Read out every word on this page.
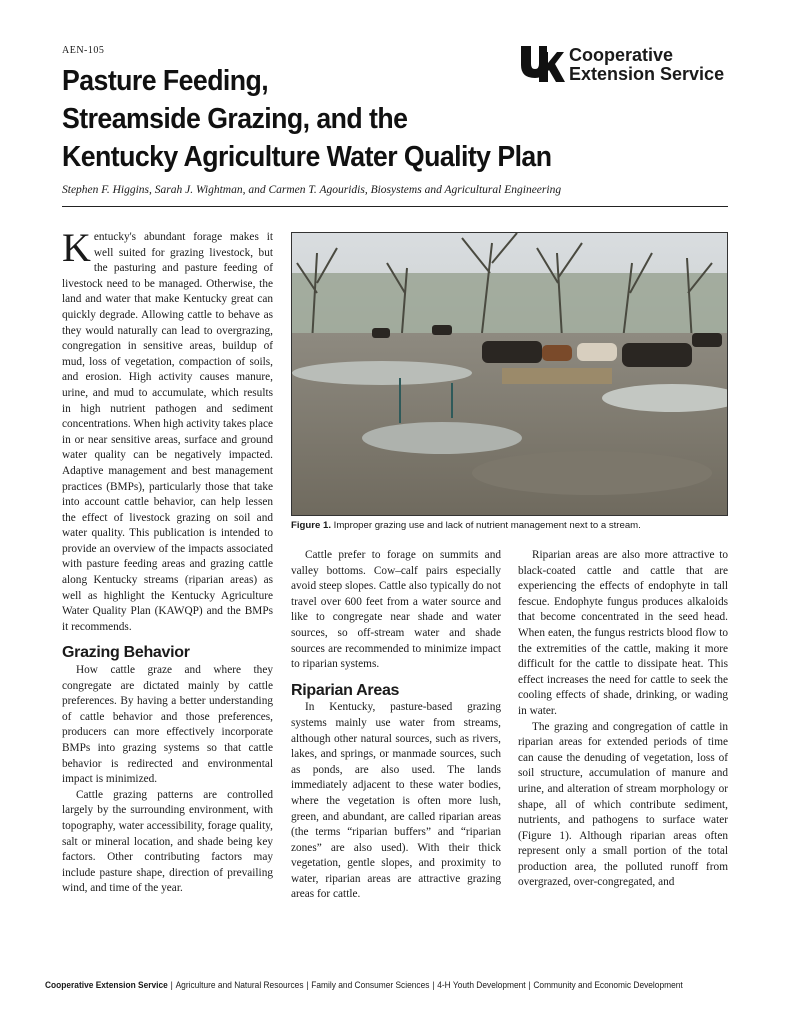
AEN-105	Cooperative
Extension Service
Pasture Feeding,
Streamside Grazing, and the
Kentucky Agriculture Water Quality Plan
Stephen F. Higgins, Sarah J. Wightman, and Carmen T. Agouridis, Biosystems and Agricultural Engineering
Figure 1. Improper grazing use and lack of nutrient management next to a stream.

Kentucky's abundant forage makes it well suited for grazing livestock, but the pasturing and pasture feeding of livestock need to be managed. Otherwise, the land and water that make Kentucky great can quickly degrade. Allowing cattle to behave as they would naturally can lead to overgrazing, congregation in sensitive areas, buildup of mud, loss of vegetation, compaction of soils, and erosion. High activity causes manure, urine, and mud to accumulate, which results in high nutrient pathogen and sediment concentrations. When high activity takes place in or near sensitive areas, surface and ground water quality can be negatively impacted. Adaptive management and best management practices (BMPs), particularly those that take into account cattle behavior, can help lessen the effect of livestock grazing on soil and water quality. This publication is intended to provide an overview of the impacts associated with pasture feeding areas and grazing cattle along Kentucky streams (riparian areas) as well as highlight the Kentucky Agriculture Water Quality Plan (KAWQP) and the BMPs it recommends.

Grazing Behavior

How cattle graze and where they congregate are dictated mainly by cattle preferences. By having a better understanding of cattle behavior and those preferences, producers can more effectively incorporate BMPs into grazing systems so that cattle behavior is redirected and environmental impact is minimized.

Cattle grazing patterns are controlled largely by the surrounding environment, with topography, water accessibility, forage quality, salt or mineral location, and shade being key factors. Other contributing factors may include pasture shape, direction of prevailing wind, and time of the year.

Cattle prefer to forage on summits and valley bottoms. Cow–calf pairs especially avoid steep slopes. Cattle also typically do not travel over 600 feet from a water source and like to congregate near shade and water sources, so off-stream water and shade sources are recommended to minimize impact to riparian systems.

Riparian Areas

In Kentucky, pasture-based grazing systems mainly use water from streams, although other natural sources, such as rivers, lakes, and springs, or manmade sources, such as ponds, are also used. The lands immediately adjacent to these water bodies, where the vegetation is often more lush, green, and abundant, are called riparian areas (the terms “riparian buffers” and “riparian zones” are also used). With their thick vegetation, gentle slopes, and proximity to water, riparian areas are attractive grazing areas for cattle.

Riparian areas are also more attractive to black-coated cattle and cattle that are experiencing the effects of endophyte in tall fescue. Endophyte fungus produces alkaloids that become concentrated in the seed head. When eaten, the fungus restricts blood flow to the extremities of the cattle, making it more difficult for the cattle to dissipate heat. This effect increases the need for cattle to seek the cooling effects of shade, drinking, or wading in water.

The grazing and congregation of cattle in riparian areas for extended periods of time can cause the denuding of vegetation, loss of soil structure, accumulation of manure and urine, and alteration of stream morphology or shape, all of which contribute sediment, nutrients, and pathogens to surface water (Figure 1). Although riparian areas often represent only a small portion of the total production area, the polluted runoff from overgrazed, over-congregated, and

Cooperative Extension Service | Agriculture and Natural Resources | Family and Consumer Sciences | 4-H Youth Development | Community and Economic Development
